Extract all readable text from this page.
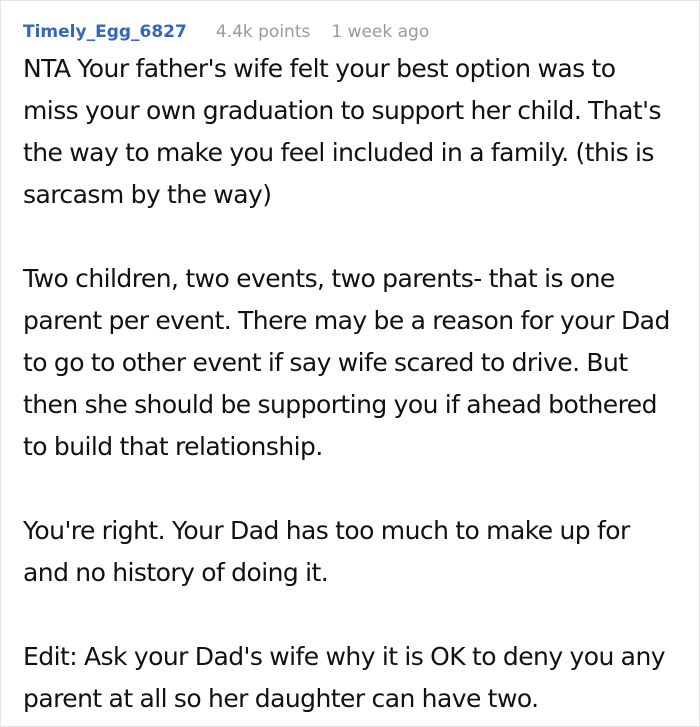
Timely_Egg_6827 4.4k points 1 week ago

NTA Your father's wife felt your best option was to miss your own graduation to support her child. That's the way to make you feel included in a family. (this is sarcasm by the way)

Two children, two events, two parents- that is one parent per event. There may be a reason for your Dad to go to other event if say wife scared to drive. But then she should be supporting you if ahead bothered to build that relationship.

You're right. Your Dad has too much to make up for and no history of doing it.

Edit: Ask your Dad's wife why it is OK to deny you any parent at all so her daughter can have two.
